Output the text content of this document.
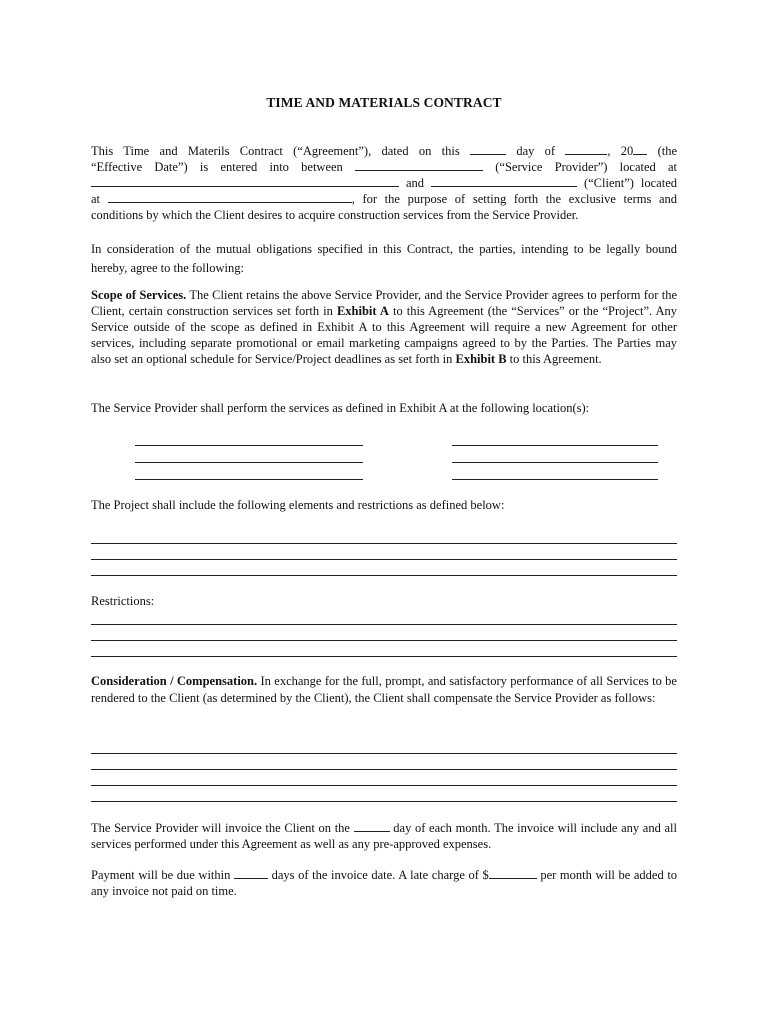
TIME AND MATERIALS CONTRACT
This Time and Materils Contract (“Agreement”), dated on this	day of	, 20 (the
“Effective Date”) is entered into between	(“Service Provider”) located at
and	(“Client”) located
at	, for the purpose of setting forth the exclusive terms and
conditions by which the Client desires to acquire construction services from the Service Provider.
In consideration of the mutual obligations specified in this Contract, the parties, intending to be legally bound hereby, agree to the following:
Scope of Services. The Client retains the above Service Provider, and the Service Provider agrees to perform for the Client, certain construction services set forth in Exhibit A to this Agreement (the “Services” or the “Project”. Any Service outside of the scope as defined in Exhibit A to this Agreement will require a new Agreement for other services, including separate promotional or email marketing campaigns agreed to by the Parties. The Parties may also set an optional schedule for Service/Project deadlines as set forth in Exhibit B to this Agreement.
The Service Provider shall perform the services as defined in Exhibit A at the following location(s):
The Project shall include the following elements and restrictions as defined below:
Restrictions:
Consideration / Compensation. In exchange for the full, prompt, and satisfactory performance of all Services to be rendered to the Client (as determined by the Client), the Client shall compensate the Service Provider as follows:
The Service Provider will invoice the Client on the	day of each month. The invoice will include any and all services performed under this Agreement as well as any pre-approved expenses.
Payment will be due within	days of the invoice date. A late charge of $	per month will be added to any invoice not paid on time.
